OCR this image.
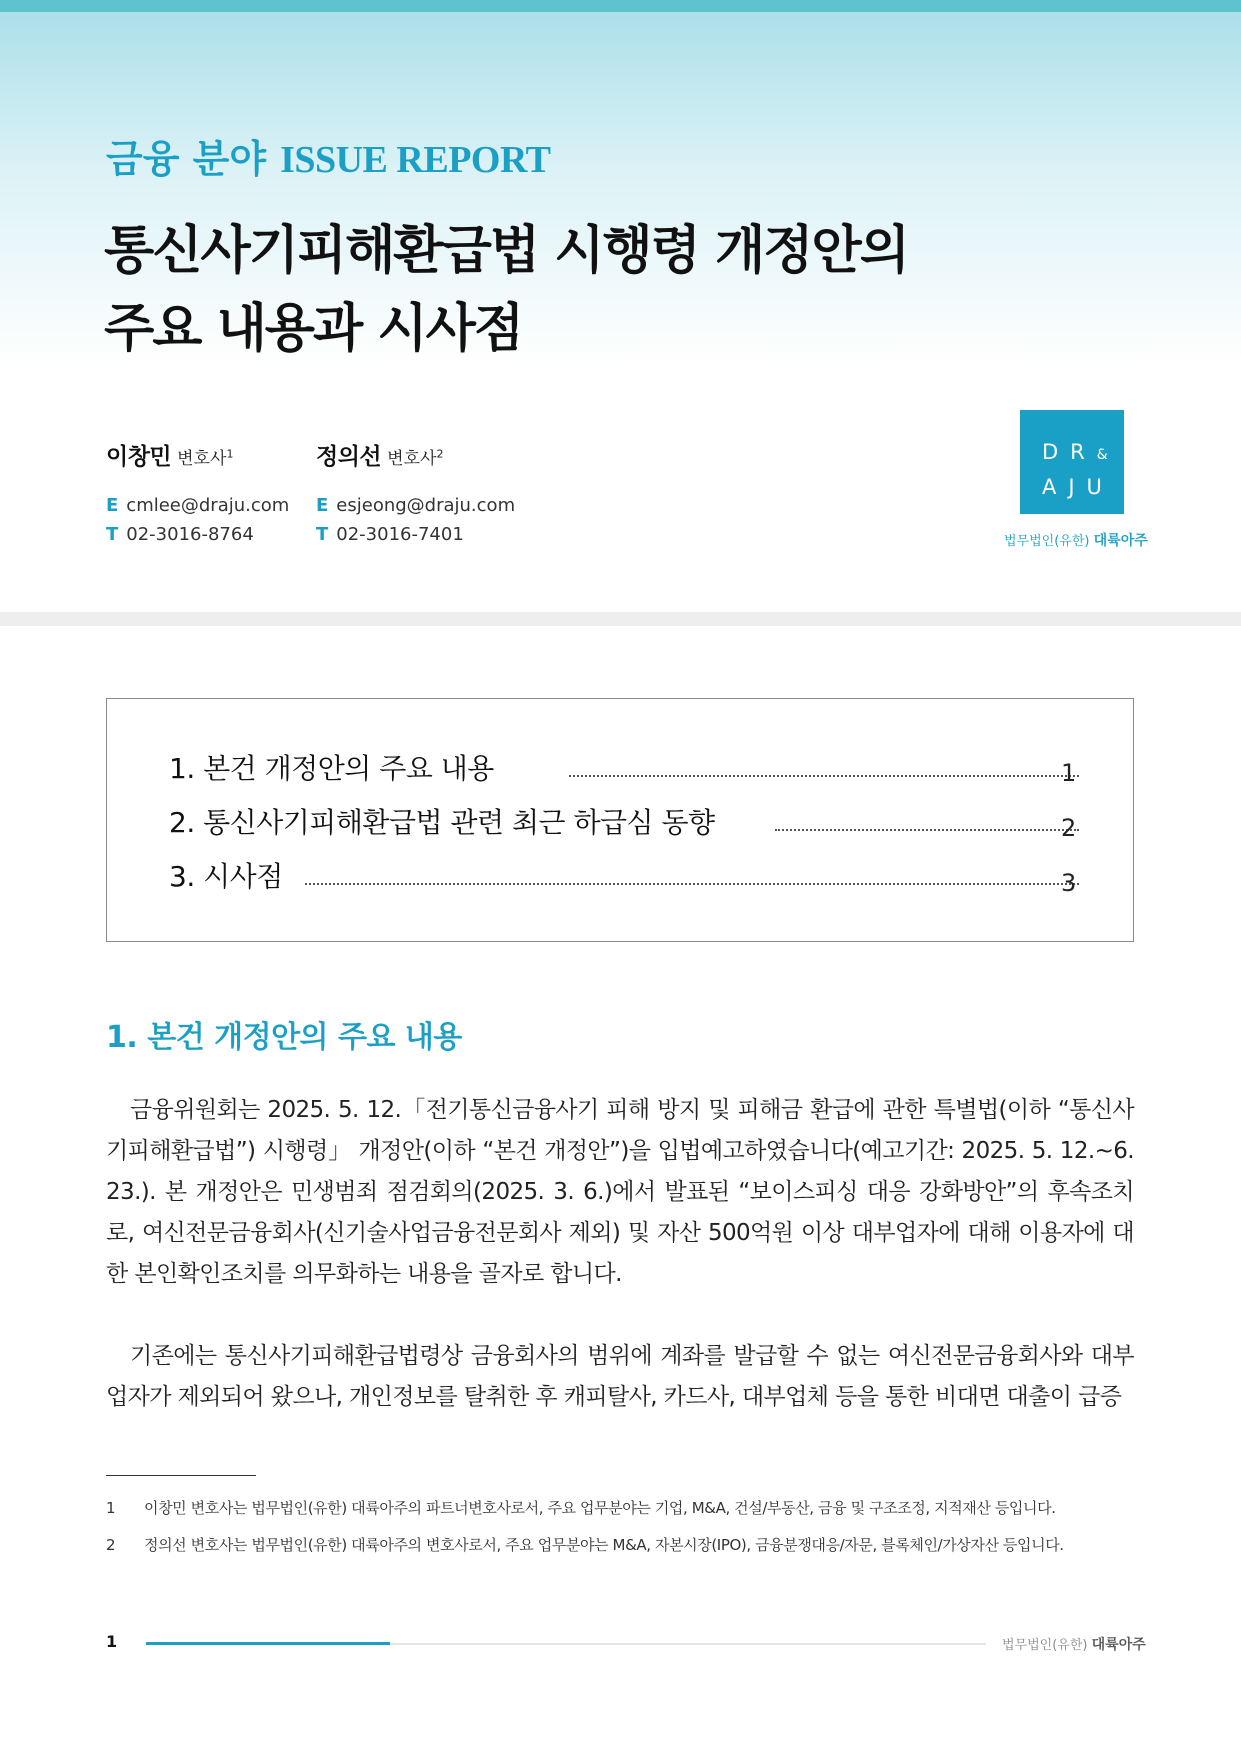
금융 분야 ISSUE REPORT
통신사기피해환급법 시행령 개정안의
주요 내용과 시사점
이창민 변호사$^1$
E cmlee@draju.com
T 02-3016-8764
정의선 변호사$^2$
E esjeong@draju.com
T 02-3016-7401
DR&
AJU
법무법인(유한) 대륙아주
1. 본건 개정안의 주요 내용	1
2. 통신사기피해환급법 관련 최근 하급심 동향	2
3. 시사점	3
1. 본건 개정안의 주요 내용

금융위원회는 2025. 5. 12.「전기통신금융사기 피해 방지 및 피해금 환급에 관한 특별법(이하 “통신사기피해환급법”) 시행령」 개정안(이하 “본건 개정안”)을 입법예고하였습니다(예고기간: 2025. 5. 12.~6. 23.). 본 개정안은 민생범죄 점검회의(2025. 3. 6.)에서 발표된 “보이스피싱 대응 강화방안”의 후속조치로, 여신전문금융회사(신기술사업금융전문회사 제외) 및 자산 500억원 이상 대부업자에 대해 이용자에 대한 본인확인조치를 의무화하는 내용을 골자로 합니다.

기존에는 통신사기피해환급법령상 금융회사의 범위에 계좌를 발급할 수 없는 여신전문금융회사와 대부업자가 제외되어 왔으나, 개인정보를 탈취한 후 캐피탈사, 카드사, 대부업체 등을 통한 비대면 대출이 급증

1 이창민 변호사는 법무법인(유한) 대륙아주의 파트너변호사로서, 주요 업무분야는 기업, M&A, 건설/부동산, 금융 및 구조조정, 지적재산 등입니다.
2 정의선 변호사는 법무법인(유한) 대륙아주의 변호사로서, 주요 업무분야는 M&A, 자본시장(IPO), 금융분쟁대응/자문, 블록체인/가상자산 등입니다.
1	법무법인(유한) 대륙아주
